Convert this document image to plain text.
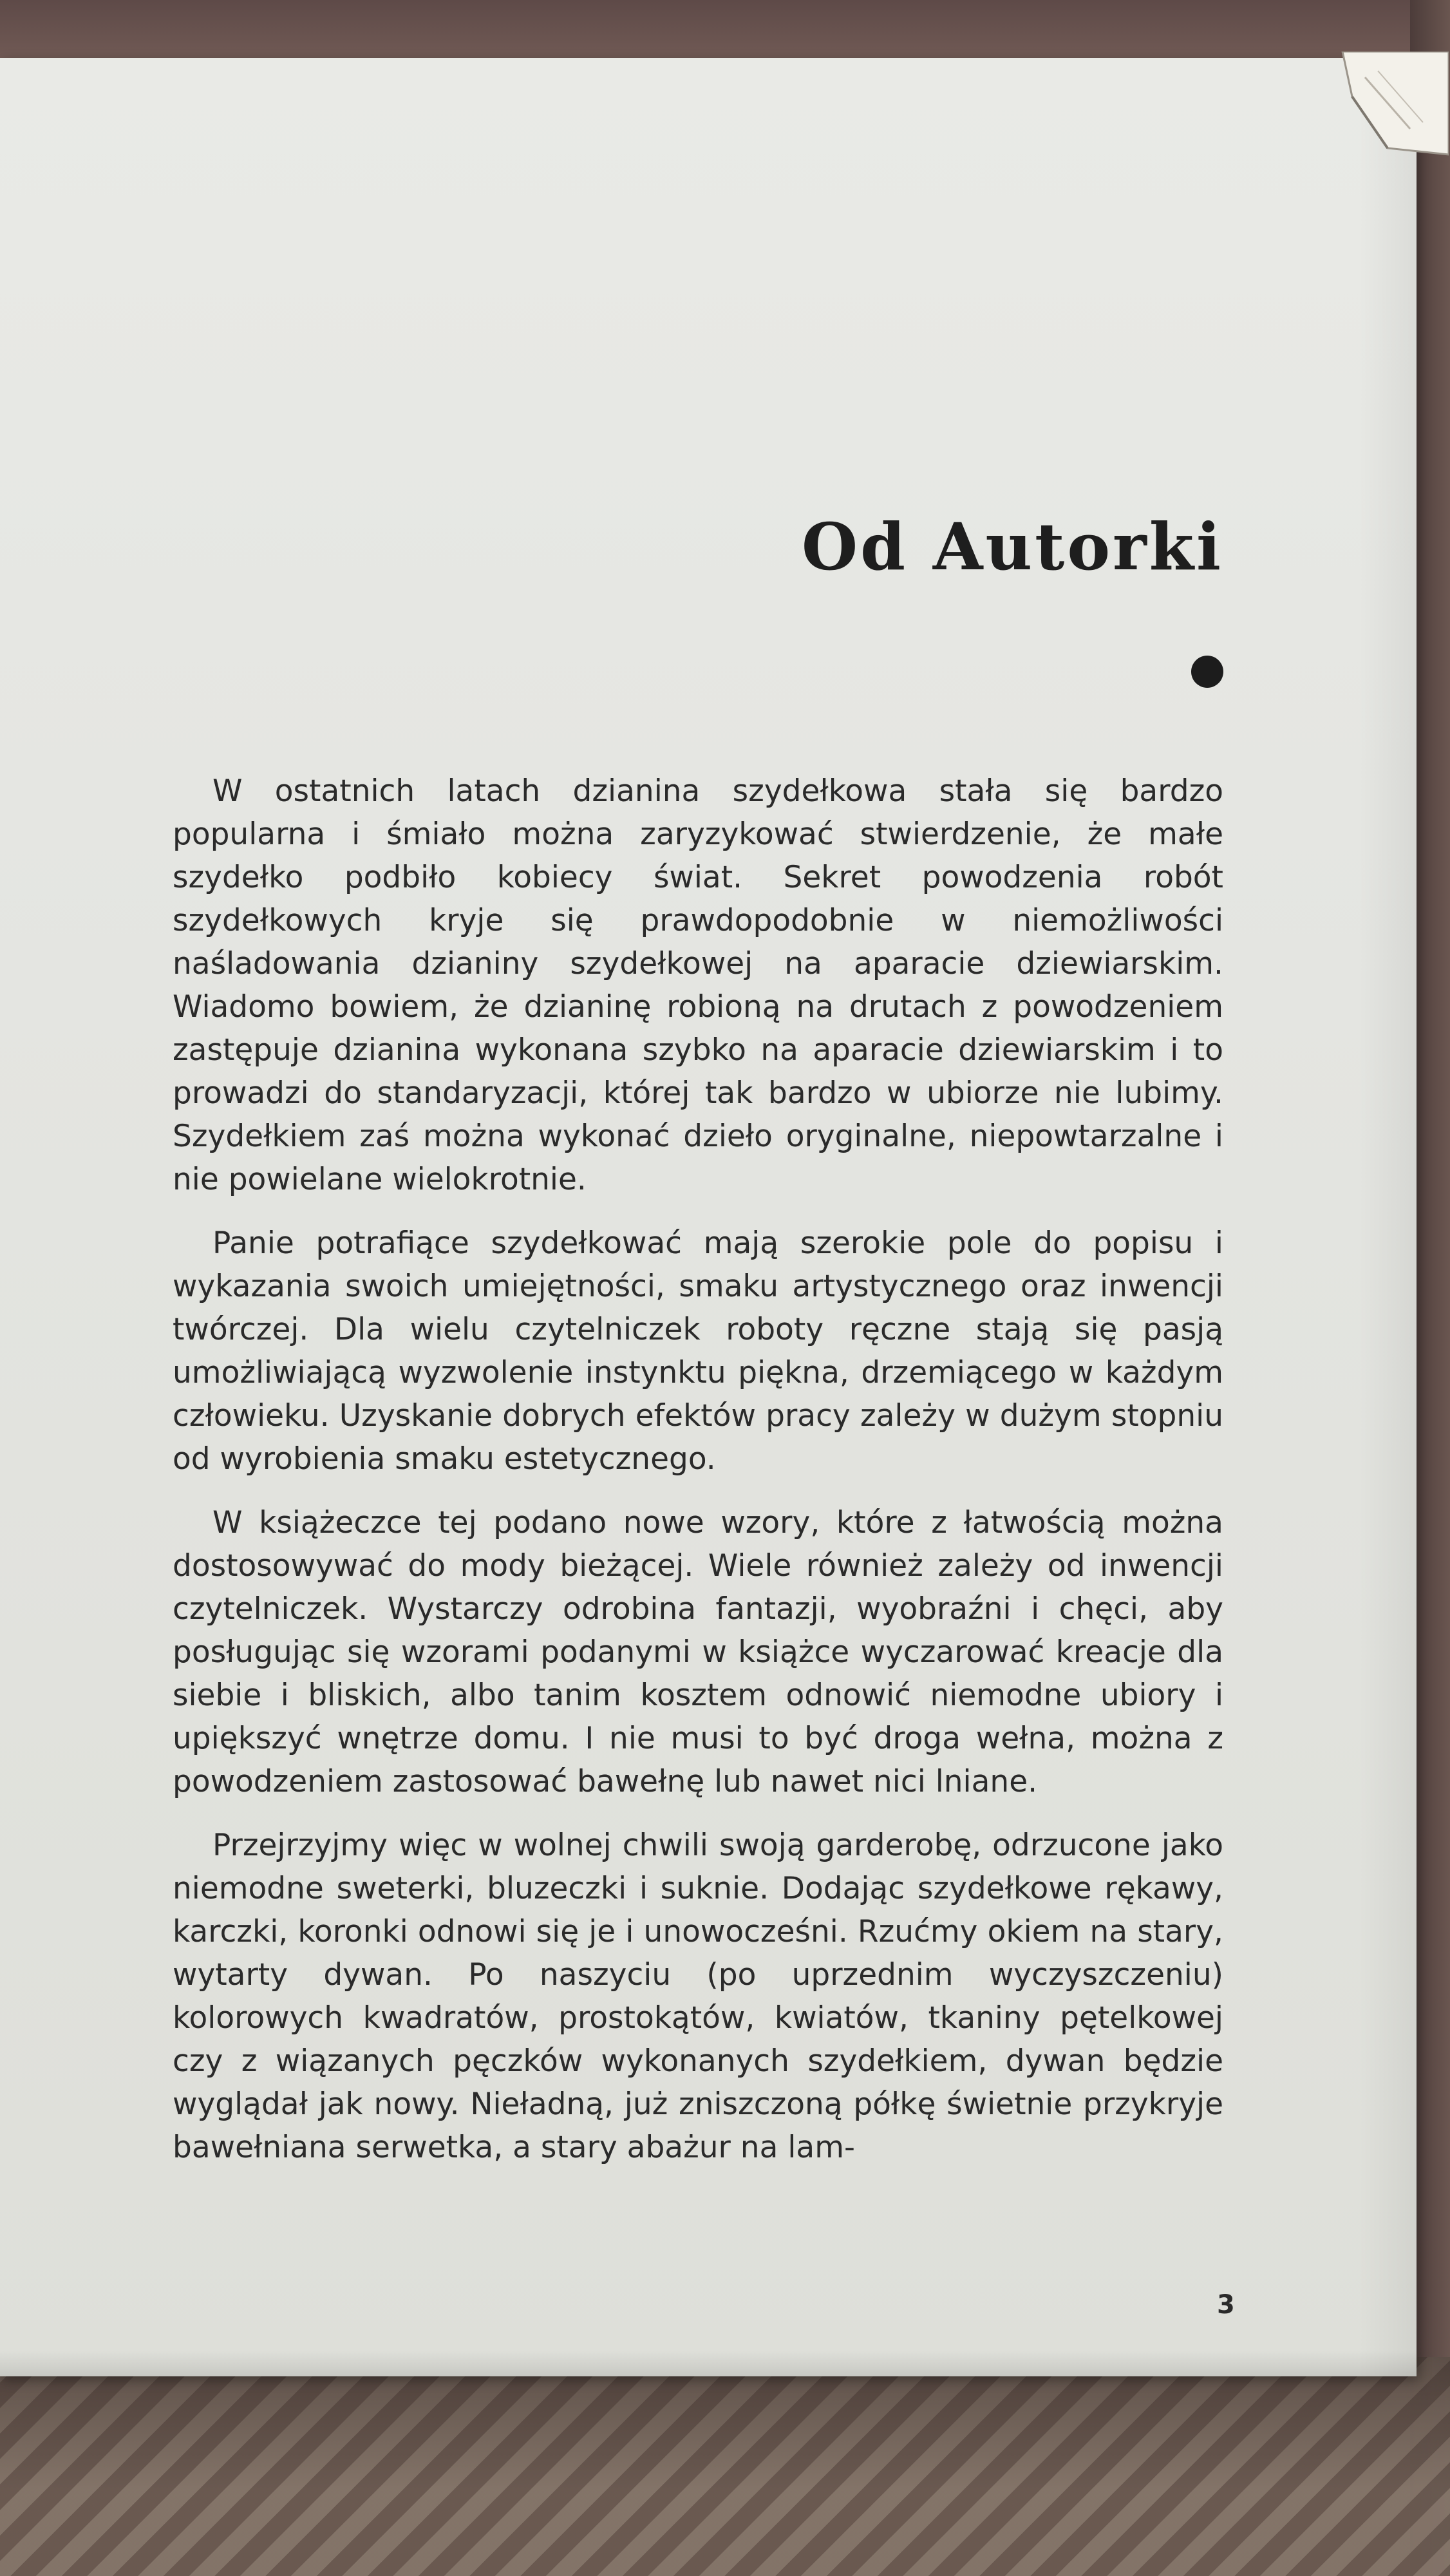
Od Autorki

W ostatnich latach dzianina szydełkowa stała się bardzo popularna i śmiało można zaryzykować stwierdzenie, że małe szydełko podbiło kobiecy świat. Sekret powodzenia robót szydełkowych kryje się prawdopodobnie w niemożliwości naśladowania dzianiny szydełkowej na aparacie dziewiarskim. Wiadomo bowiem, że dzianinę robioną na drutach z powodzeniem zastępuje dzianina wykonana szybko na aparacie dziewiarskim i to prowadzi do standaryzacji, której tak bardzo w ubiorze nie lubimy. Szydełkiem zaś można wykonać dzieło oryginalne, niepowtarzalne i nie powielane wielokrotnie.

Panie potrafiące szydełkować mają szerokie pole do popisu i wykazania swoich umiejętności, smaku artystycznego oraz inwencji twórczej. Dla wielu czytelniczek roboty ręczne stają się pasją umożliwiającą wyzwolenie instynktu piękna, drzemiącego w każdym człowieku. Uzyskanie dobrych efektów pracy zależy w dużym stopniu od wyrobienia smaku estetycznego.

W książeczce tej podano nowe wzory, które z łatwością można dostosowywać do mody bieżącej. Wiele również zależy od inwencji czytelniczek. Wystarczy odrobina fantazji, wyobraźni i chęci, aby posługując się wzorami podanymi w książce wyczarować kreacje dla siebie i bliskich, albo tanim kosztem odnowić niemodne ubiory i upiększyć wnętrze domu. I nie musi to być droga wełna, można z powodzeniem zastosować bawełnę lub nawet nici lniane.

Przejrzyjmy więc w wolnej chwili swoją garderobę, odrzucone jako niemodne sweterki, bluzeczki i suknie. Dodając szydełkowe rękawy, karczki, koronki odnowi się je i unowocześni. Rzućmy okiem na stary, wytarty dywan. Po naszyciu (po uprzednim wyczyszczeniu) kolorowych kwadratów, prostokątów, kwiatów, tkaniny pętelkowej czy z wiązanych pęczków wykonanych szydełkiem, dywan będzie wyglądał jak nowy. Nieładną, już zniszczoną półkę świetnie przykryje bawełniana serwetka, a stary abażur na lam-

3
